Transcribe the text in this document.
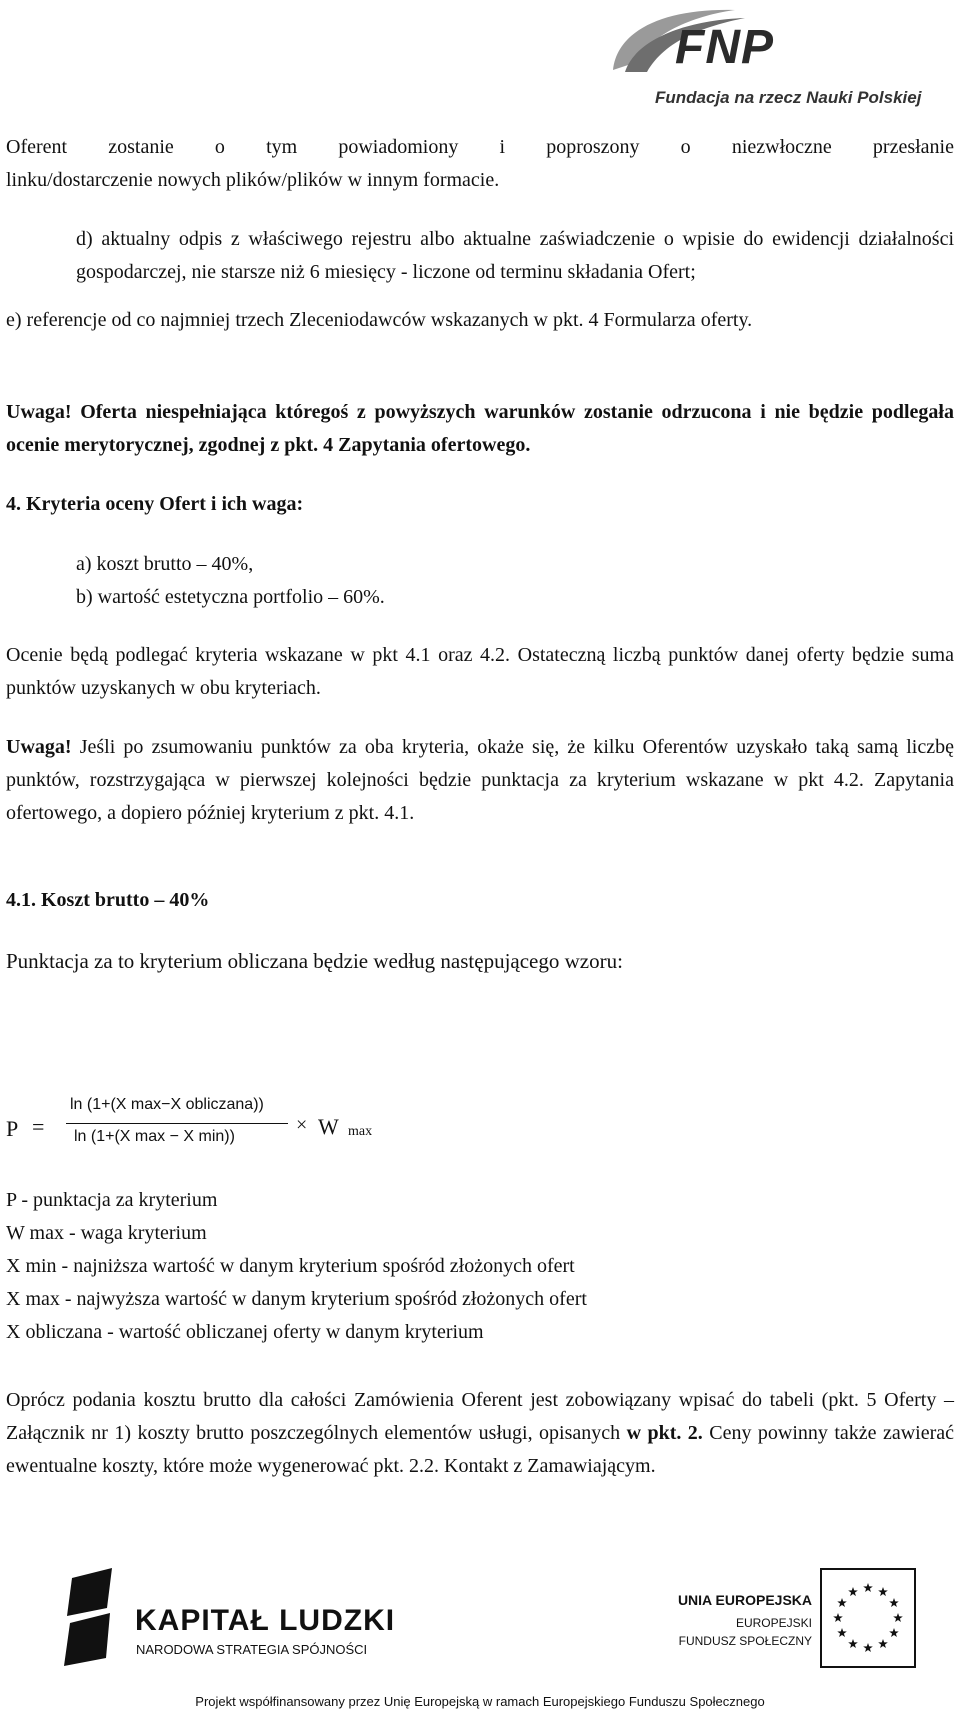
FNP
Fundacja na rzecz Nauki Polskiej
Oferent zostanie o tym powiadomiony i poproszony o niezwłoczne przesłanie
linku/dostarczenie nowych plików/plików w innym formacie.
d) aktualny odpis z właściwego rejestru albo aktualne zaświadczenie o wpisie do ewidencji działalności gospodarczej, nie starsze niż 6 miesięcy - liczone od terminu składania Ofert;
e) referencje od co najmniej trzech Zleceniodawców wskazanych w pkt. 4 Formularza oferty.
Uwaga! Oferta niespełniająca któregoś z powyższych warunków zostanie odrzucona i nie będzie podlegała ocenie merytorycznej, zgodnej z pkt. 4 Zapytania ofertowego.
4. Kryteria oceny Ofert i ich waga:
a) koszt brutto – 40%,
b) wartość estetyczna portfolio – 60%.
Ocenie będą podlegać kryteria wskazane w pkt 4.1 oraz 4.2. Ostateczną liczbą punktów danej oferty będzie suma punktów uzyskanych w obu kryteriach.
Uwaga! Jeśli po zsumowaniu punktów za oba kryteria, okaże się, że kilku Oferentów uzyskało taką samą liczbę punktów, rozstrzygająca w pierwszej kolejności będzie punktacja za kryterium wskazane w pkt 4.2. Zapytania ofertowego, a dopiero później kryterium z pkt. 4.1.
4.1. Koszt brutto – 40%
Punktacja za to kryterium obliczana będzie według następującego wzoru:
P =
ln (1+(X max−X obliczana))
ln (1+(X max − X min))
× W max
P - punktacja za kryterium
W max - waga kryterium
X min - najniższa wartość w danym kryterium spośród złożonych ofert
X max - najwyższa wartość w danym kryterium spośród złożonych ofert
X obliczana - wartość obliczanej oferty w danym kryterium
Oprócz podania kosztu brutto dla całości Zamówienia Oferent jest zobowiązany wpisać do tabeli (pkt. 5 Oferty – Załącznik nr 1) koszty brutto poszczególnych elementów usługi, opisanych w pkt. 2. Ceny powinny także zawierać ewentualne koszty, które może wygenerować pkt. 2.2. Kontakt z Zamawiającym.
KAPITAŁ LUDZKI
NARODOWA STRATEGIA SPÓJNOŚCI
UNIA EUROPEJSKA
EUROPEJSKI
FUNDUSZ SPOŁECZNY
Projekt współfinansowany przez Unię Europejską w ramach Europejskiego Funduszu Społecznego
